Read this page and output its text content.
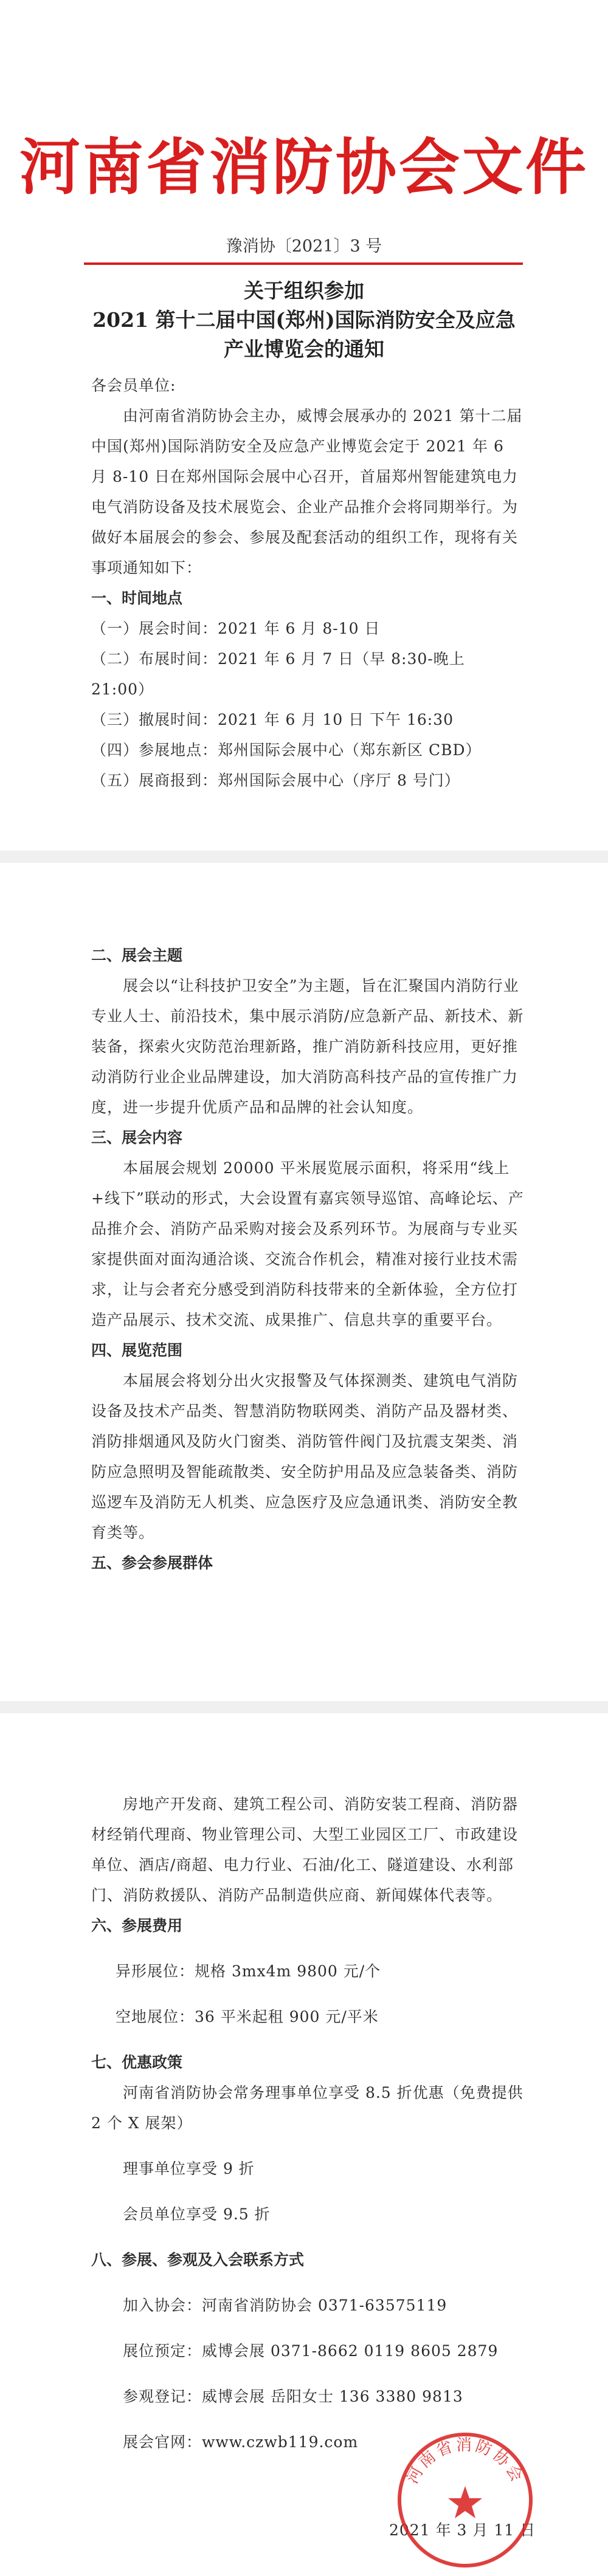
河南省消防协会文件
豫消协〔2021〕3 号
关于组织参加
2021 第十二届中国(郑州)国际消防安全及应急
产业博览会的通知

各会员单位:

由河南省消防协会主办，威博会展承办的 2021 第十二届中国(郑州)国际消防安全及应急产业博览会定于 2021 年 6 月 8-10 日在郑州国际会展中心召开，首届郑州智能建筑电力电气消防设备及技术展览会、企业产品推介会将同期举行。为做好本届展会的参会、参展及配套活动的组织工作，现将有关事项通知如下：

一、时间地点

（一）展会时间：2021 年 6 月 8-10 日

（二）布展时间：2021 年 6 月 7 日（早 8:30-晚上 21:00）

（三）撤展时间：2021 年 6 月 10 日 下午 16:30

（四）参展地点：郑州国际会展中心（郑东新区 CBD）

（五）展商报到：郑州国际会展中心（序厅 8 号门）

二、展会主题

展会以“让科技护卫安全”为主题，旨在汇聚国内消防行业专业人士、前沿技术，集中展示消防/应急新产品、新技术、新装备，探索火灾防范治理新路，推广消防新科技应用，更好推动消防行业企业品牌建设，加大消防高科技产品的宣传推广力度，进一步提升优质产品和品牌的社会认知度。

三、展会内容

本届展会规划 20000 平米展览展示面积，将采用“线上+线下”联动的形式，大会设置有嘉宾领导巡馆、高峰论坛、产品推介会、消防产品采购对接会及系列环节。为展商与专业买家提供面对面沟通洽谈、交流合作机会，精准对接行业技术需求，让与会者充分感受到消防科技带来的全新体验，全方位打造产品展示、技术交流、成果推广、信息共享的重要平台。

四、展览范围

本届展会将划分出火灾报警及气体探测类、建筑电气消防设备及技术产品类、智慧消防物联网类、消防产品及器材类、消防排烟通风及防火门窗类、消防管件阀门及抗震支架类、消防应急照明及智能疏散类、安全防护用品及应急装备类、消防巡逻车及消防无人机类、应急医疗及应急通讯类、消防安全教育类等。

五、参会参展群体

房地产开发商、建筑工程公司、消防安装工程商、消防器材经销代理商、物业管理公司、大型工业园区工厂、市政建设单位、酒店/商超、电力行业、石油/化工、隧道建设、水利部门、消防救援队、消防产品制造供应商、新闻媒体代表等。

六、参展费用

异形展位：规格 3mx4m 9800 元/个

空地展位：36 平米起租 900 元/平米

七、优惠政策

河南省消防协会常务理事单位享受 8.5 折优惠（免费提供 2 个 X 展架）

理事单位享受 9 折

会员单位享受 9.5 折

八、参展、参观及入会联系方式

加入协会：河南省消防协会 0371-63575119

展位预定：威博会展 0371-8662 0119 8605 2879

参观登记：威博会展 岳阳女士 136 3380 9813

展会官网：www.czwb119.com

2021 年 3 月 11 日
河南省消防协会
